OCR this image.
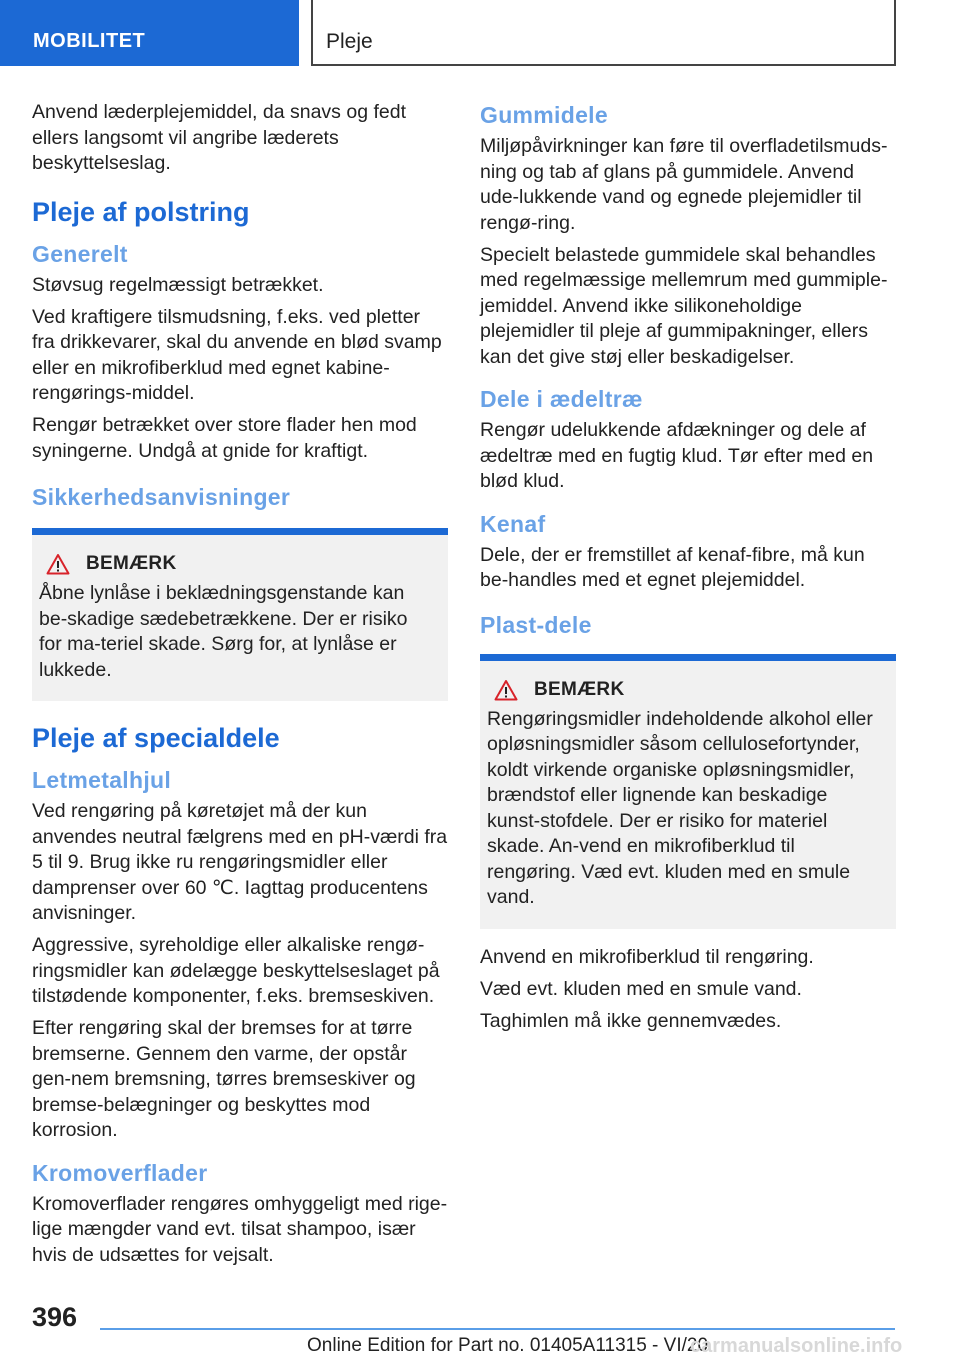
MOBILITET	Pleje

Anvend læderplejemiddel, da snavs og fedt ellers langsomt vil angribe læderets beskyttelseslag.

Pleje af polstring
Generelt

Støvsug regelmæssigt betrækket.

Ved kraftigere tilsmudsning, f.eks. ved pletter fra drikkevarer, skal du anvende en blød svamp eller en mikrofiberklud med egnet kabine-rengørings-middel.

Rengør betrækket over store flader hen mod syningerne. Undgå at gnide for kraftigt.

Sikkerhedsanvisninger
BEMÆRK

Åbne lynlåse i beklædningsgenstande kan be-skadige sædebetrækkene. Der er risiko for ma-teriel skade. Sørg for, at lynlåse er lukkede.

Pleje af specialdele
Letmetalhjul

Ved rengøring på køretøjet må der kun anvendes neutral fælgrens med en pH-værdi fra 5 til 9. Brug ikke ru rengøringsmidler eller damprenser over 60 ℃. Iagttag producentens anvisninger.

Aggressive, syreholdige eller alkaliske rengø-ringsmidler kan ødelægge beskyttelseslaget på tilstødende komponenter, f.eks. bremseskiven.

Efter rengøring skal der bremses for at tørre bremserne. Gennem den varme, der opstår gen-nem bremsning, tørres bremseskiver og bremse-belægninger og beskyttes mod korrosion.

Kromoverflader

Kromoverflader rengøres omhyggeligt med rige-lige mængder vand evt. tilsat shampoo, især hvis de udsættes for vejsalt.

Gummidele

Miljøpåvirkninger kan føre til overfladetilsmuds-ning og tab af glans på gummidele. Anvend ude-lukkende vand og egnede plejemidler til rengø-ring.

Specielt belastede gummidele skal behandles med regelmæssige mellemrum med gummiple-jemiddel. Anvend ikke silikoneholdige plejemidler til pleje af gummipakninger, ellers kan det give støj eller beskadigelser.

Dele i ædeltræ

Rengør udelukkende afdækninger og dele af ædeltræ med en fugtig klud. Tør efter med en blød klud.

Kenaf

Dele, der er fremstillet af kenaf-fibre, må kun be-handles med et egnet plejemiddel.

Plast-dele
BEMÆRK

Rengøringsmidler indeholdende alkohol eller opløsningsmidler såsom cellulosefortynder, koldt virkende organiske opløsningsmidler, brændstof eller lignende kan beskadige kunst-stofdele. Der er risiko for materiel skade. An-vend en mikrofiberklud til rengøring. Væd evt. kluden med en smule vand.

Anvend en mikrofiberklud til rengøring.

Væd evt. kluden med en smule vand.

Taghimlen må ikke gennemvædes.

396
Online Edition for Part no. 01405A11315 - VI/20
carmanualsonline.info
